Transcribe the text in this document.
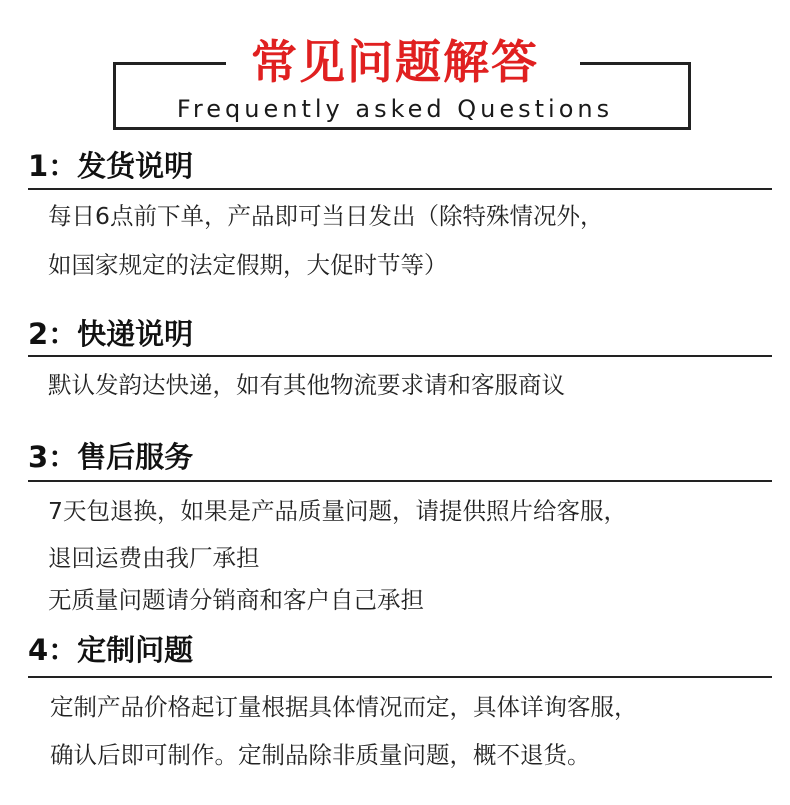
常见问题解答
Frequently asked Questions
1：发货说明
每日6点前下单，产品即可当日发出（除特殊情况外，
如国家规定的法定假期，大促时节等）
2：快递说明
默认发韵达快递，如有其他物流要求请和客服商议
3：售后服务
7天包退换，如果是产品质量问题，请提供照片给客服，
退回运费由我厂承担
无质量问题请分销商和客户自己承担
4：定制问题
定制产品价格起订量根据具体情况而定，具体详询客服，
确认后即可制作。定制品除非质量问题，概不退货。
